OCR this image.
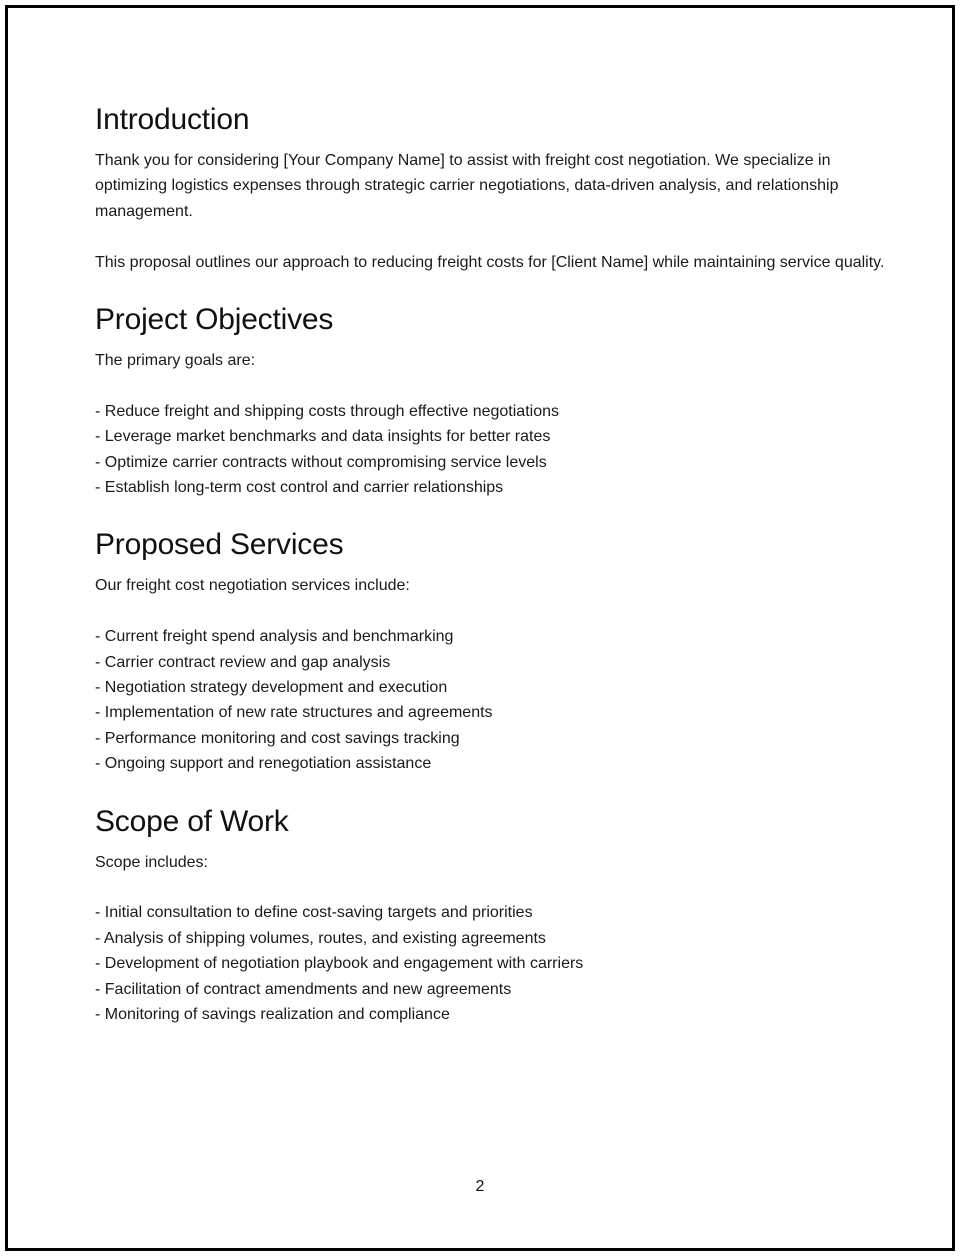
Introduction

Thank you for considering [Your Company Name] to assist with freight cost negotiation. We specialize in optimizing logistics expenses through strategic carrier negotiations, data-driven analysis, and relationship management.

This proposal outlines our approach to reducing freight costs for [Client Name] while maintaining service quality.

Project Objectives

The primary goals are:

- Reduce freight and shipping costs through effective negotiations
- Leverage market benchmarks and data insights for better rates
- Optimize carrier contracts without compromising service levels
- Establish long-term cost control and carrier relationships
Proposed Services

Our freight cost negotiation services include:

- Current freight spend analysis and benchmarking
- Carrier contract review and gap analysis
- Negotiation strategy development and execution
- Implementation of new rate structures and agreements
- Performance monitoring and cost savings tracking
- Ongoing support and renegotiation assistance
Scope of Work

Scope includes:

- Initial consultation to define cost-saving targets and priorities
- Analysis of shipping volumes, routes, and existing agreements
- Development of negotiation playbook and engagement with carriers
- Facilitation of contract amendments and new agreements
- Monitoring of savings realization and compliance
2
